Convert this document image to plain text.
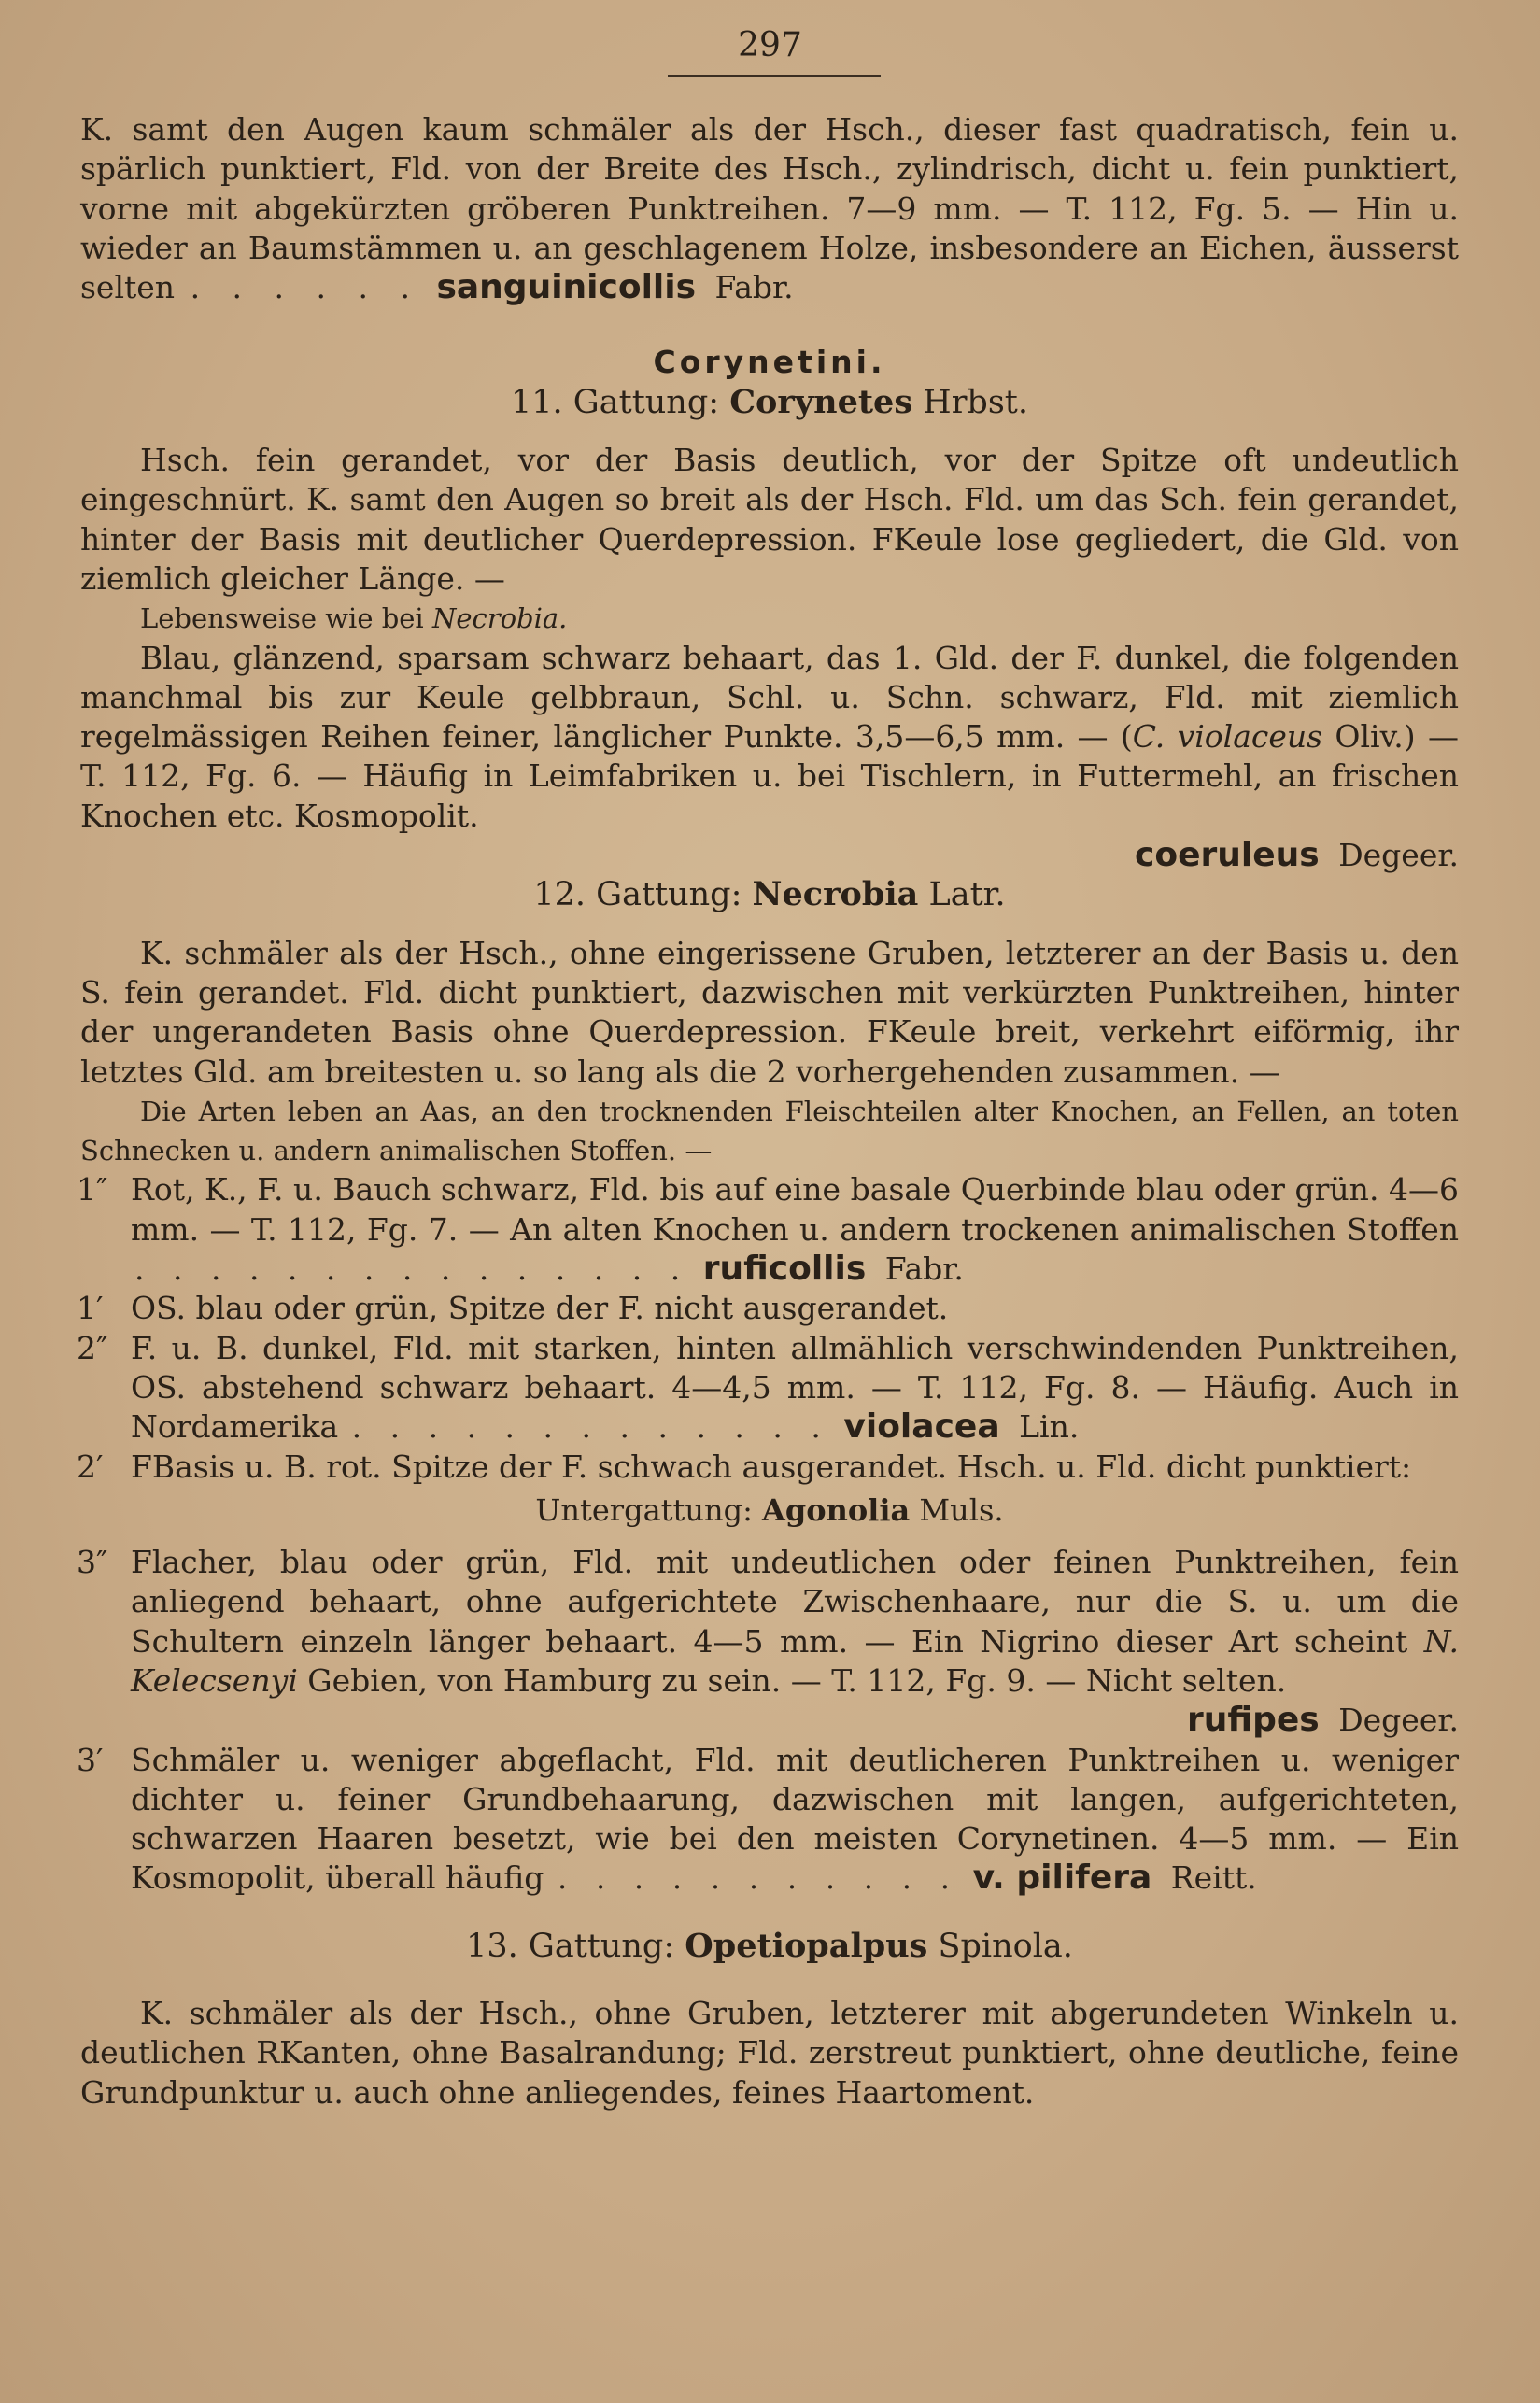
297

K. samt den Augen kaum schmäler als der Hsch., dieser fast quadratisch, fein u. spärlich punktiert, Fld. von der Breite des Hsch., zylindrisch, dicht u. fein punktiert, vorne mit abgekürzten gröberen Punktreihen. 7—9 mm. — T. 112, Fg. 5. — Hin u. wieder an Baumstämmen u. an geschlagenem Holze, insbesondere an Eichen, äusserst selten . . . . . . sanguinicollis Fabr.

Corynetini.

11. Gattung: Corynetes Hrbst.

Hsch. fein gerandet, vor der Basis deutlich, vor der Spitze oft undeutlich eingeschnürt. K. samt den Augen so breit als der Hsch. Fld. um das Sch. fein gerandet, hinter der Basis mit deutlicher Querdepression. FKeule lose gegliedert, die Gld. von ziemlich gleicher Länge. —

Lebensweise wie bei Necrobia.

Blau, glänzend, sparsam schwarz behaart, das 1. Gld. der F. dunkel, die folgenden manchmal bis zur Keule gelbbraun, Schl. u. Schn. schwarz, Fld. mit ziemlich regelmässigen Reihen feiner, länglicher Punkte. 3,5—6,5 mm. — (C. violaceus Oliv.) — T. 112, Fg. 6. — Häufig in Leimfabriken u. bei Tischlern, in Futtermehl, an frischen Knochen etc. Kosmopolit.

coeruleus Degeer.

12. Gattung: Necrobia Latr.

K. schmäler als der Hsch., ohne eingerissene Gruben, letzterer an der Basis u. den S. fein gerandet. Fld. dicht punktiert, dazwischen mit verkürzten Punktreihen, hinter der ungerandeten Basis ohne Querdepression. FKeule breit, verkehrt eiförmig, ihr letztes Gld. am breitesten u. so lang als die 2 vorhergehenden zusammen. —

Die Arten leben an Aas, an den trocknenden Fleischteilen alter Knochen, an Fellen, an toten Schnecken u. andern animalischen Stoffen. —

1″ Rot, K., F. u. Bauch schwarz, Fld. bis auf eine basale Querbinde blau oder grün. 4—6 mm. — T. 112, Fg. 7. — An alten Knochen u. andern trockenen animalischen Stoffen . . . . . . . . . . . . . . . ruficollis Fabr.
1′ OS. blau oder grün, Spitze der F. nicht ausgerandet.
2″ F. u. B. dunkel, Fld. mit starken, hinten allmählich verschwindenden Punktreihen, OS. abstehend schwarz behaart. 4—4,5 mm. — T. 112, Fg. 8. — Häufig. Auch in Nordamerika . . . . . . . . . . . . . violacea Lin.
2′ FBasis u. B. rot. Spitze der F. schwach ausgerandet. Hsch. u. Fld. dicht punktiert:

Untergattung: Agonolia Muls.

3″ Flacher, blau oder grün, Fld. mit undeutlichen oder feinen Punktreihen, fein anliegend behaart, ohne aufgerichtete Zwischenhaare, nur die S. u. um die Schultern einzeln länger behaart. 4—5 mm. — Ein Nigrino dieser Art scheint N. Kelecsenyi Gebien, von Hamburg zu sein. — T. 112, Fg. 9. — Nicht selten.
rufipes Degeer.
3′ Schmäler u. weniger abgeflacht, Fld. mit deutlicheren Punktreihen u. weniger dichter u. feiner Grundbehaarung, dazwischen mit langen, aufgerichteten, schwarzen Haaren besetzt, wie bei den meisten Corynetinen. 4—5 mm. — Ein Kosmopolit, überall häufig . . . . . . . . . . . v. pilifera Reitt.

13. Gattung: Opetiopalpus Spinola.

K. schmäler als der Hsch., ohne Gruben, letzterer mit abgerundeten Winkeln u. deutlichen RKanten, ohne Basalrandung; Fld. zerstreut punktiert, ohne deutliche, feine Grundpunktur u. auch ohne anliegendes, feines Haartoment.
